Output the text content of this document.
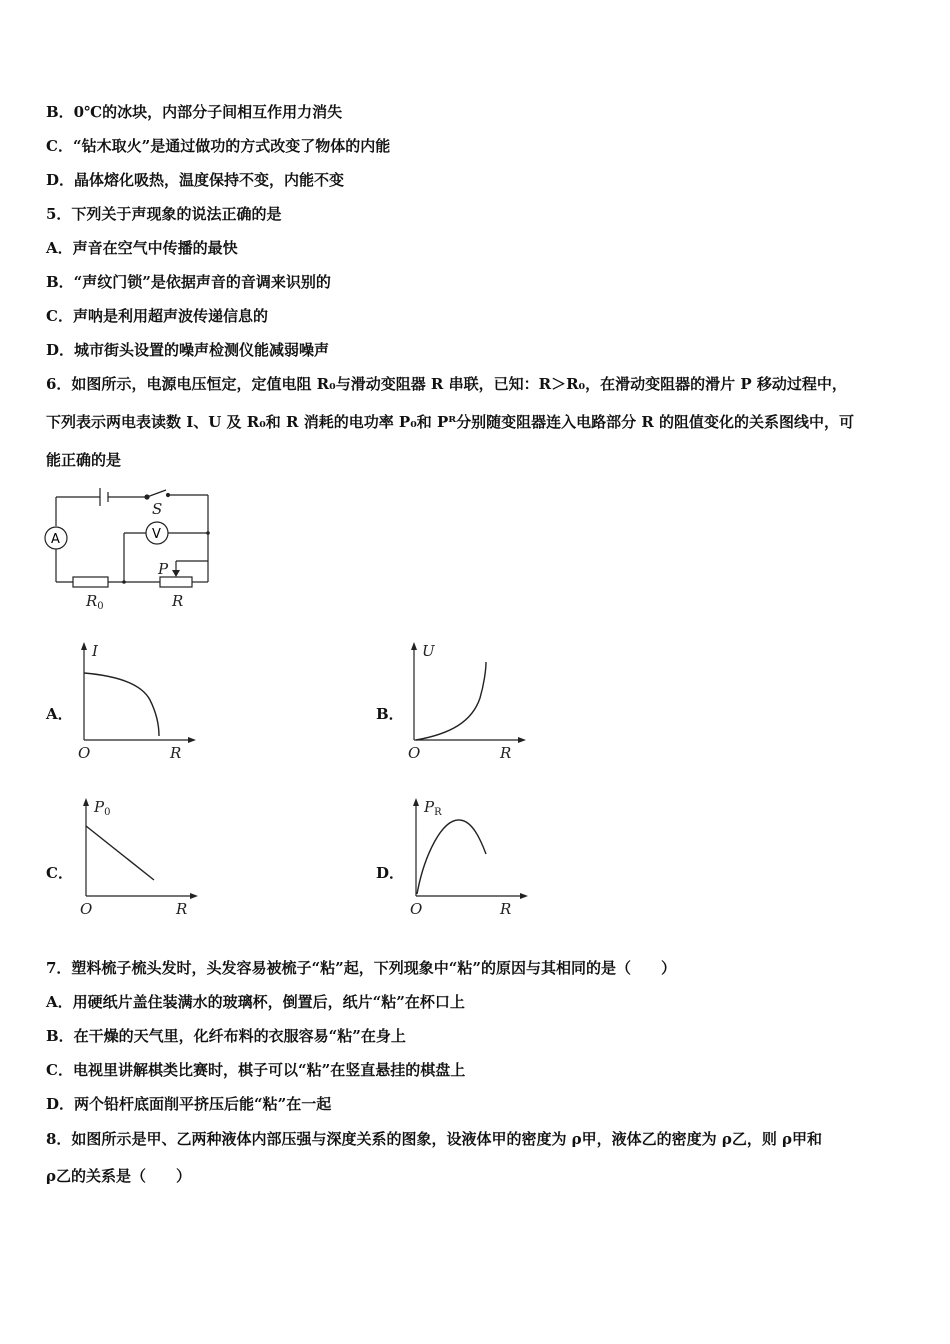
B．0℃的冰块，内部分子间相互作用力消失
C．“钻木取火”是通过做功的方式改变了物体的内能
D．晶体熔化吸热，温度保持不变，内能不变
5．下列关于声现象的说法正确的是
A．声音在空气中传播的最快
B．“声纹门锁”是依据声音的音调来识别的
C．声呐是利用超声波传递信息的
D．城市街头设置的噪声检测仪能减弱噪声
6．如图所示，电源电压恒定，定值电阻 R₀与滑动变阻器 R 串联，已知：R＞R₀，在滑动变阻器的滑片 P 移动过程中，
下列表示两电表读数 I、U 及 R₀和 R 消耗的电功率 P₀和 Pᴿ分别随变阻器连入电路部分 R 的阻值变化的关系图线中，可
能正确的是
A	V
S
P
$R_0$	R
A．
I
O	R
B．
U
O	R
C．
$P_0$
O	R
D．
$P_R$
O	R
7．塑料梳子梳头发时，头发容易被梳子“粘”起，下列现象中“粘”的原因与其相同的是（　　）
A．用硬纸片盖住装满水的玻璃杯，倒置后，纸片“粘”在杯口上
B．在干燥的天气里，化纤布料的衣服容易“粘”在身上
C．电视里讲解棋类比赛时，棋子可以“粘”在竖直悬挂的棋盘上
D．两个铅杆底面削平挤压后能“粘”在一起
8．如图所示是甲、乙两种液体内部压强与深度关系的图象，设液体甲的密度为 ρ甲，液体乙的密度为 ρ乙，则 ρ甲和
ρ乙的关系是（　　）
